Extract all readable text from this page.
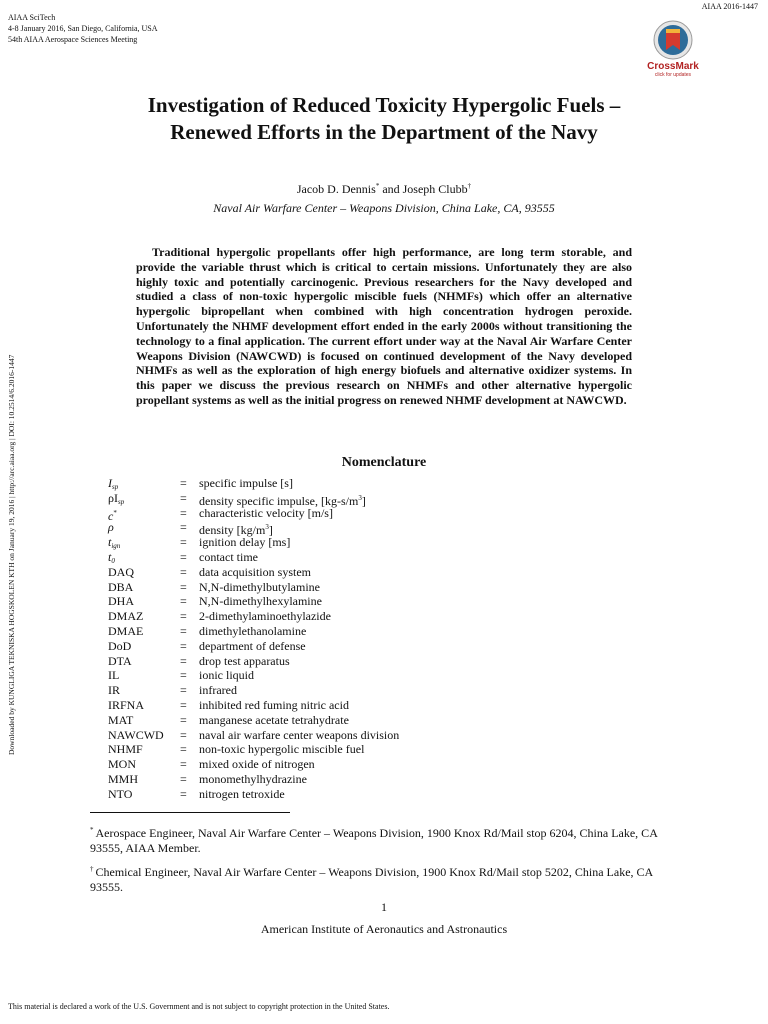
AIAA 2016-1447
AIAA SciTech
4-8 January 2016, San Diego, California, USA
54th AIAA Aerospace Sciences Meeting
CrossMark
click for updates
Downloaded by KUNGLIGA TEKNISKA HOGSKOLEN KTH on January 19, 2016 | http://arc.aiaa.org | DOI: 10.2514/6.2016-1447
Investigation of Reduced Toxicity Hypergolic Fuels –
Renewed Efforts in the Department of the Navy
Jacob D. Dennis* and Joseph Clubb†
Naval Air Warfare Center – Weapons Division, China Lake, CA, 93555
Traditional hypergolic propellants offer high performance, are long term storable, and provide the variable thrust which is critical to certain missions. Unfortunately they are also highly toxic and potentially carcinogenic. Previous researchers for the Navy developed and studied a class of non-toxic hypergolic miscible fuels (NHMFs) which offer an alternative hypergolic bipropellant when combined with high concentration hydrogen peroxide. Unfortunately the NHMF development effort ended in the early 2000s without transitioning the technology to a final application. The current effort under way at the Naval Air Warfare Center Weapons Division (NAWCWD) is focused on continued development of the Navy developed NHMFs as well as the exploration of high energy biofuels and alternative oxidizer systems. In this paper we discuss the previous research on NHMFs and other alternative hypergolic propellant systems as well as the initial progress on renewed NHMF development at NAWCWD.
Nomenclature
$I_{sp}$	= specific impulse [s]
$\rho I_{sp}$	= density specific impulse, $[kg-s/m^3]$
c*	= characteristic velocity [m/s]
ρ	= density $[kg/m^3]$
$t_{ign}$	= ignition delay [ms]
$t_0$	= contact time
DAQ	= data acquisition system
DBA	= N,N-dimethylbutylamine
DHA	= N,N-dimethylhexylamine
DMAZ	= 2-dimethylaminoethylazide
DMAE	= dimethylethanolamine
DoD	= department of defense
DTA	= drop test apparatus
IL	= ionic liquid
IR	= infrared
IRFNA	= inhibited red fuming nitric acid
MAT	= manganese acetate tetrahydrate
NAWCWD	= naval air warfare center weapons division
NHMF	= non-toxic hypergolic miscible fuel
MON	= mixed oxide of nitrogen
MMH	= monomethylhydrazine
NTO	= nitrogen tetroxide
* Aerospace Engineer, Naval Air Warfare Center – Weapons Division, 1900 Knox Rd/Mail stop 6204, China Lake, CA 93555, AIAA Member.
† Chemical Engineer, Naval Air Warfare Center – Weapons Division, 1900 Knox Rd/Mail stop 5202, China Lake, CA 93555.
1
American Institute of Aeronautics and Astronautics
This material is declared a work of the U.S. Government and is not subject to copyright protection in the United States.
